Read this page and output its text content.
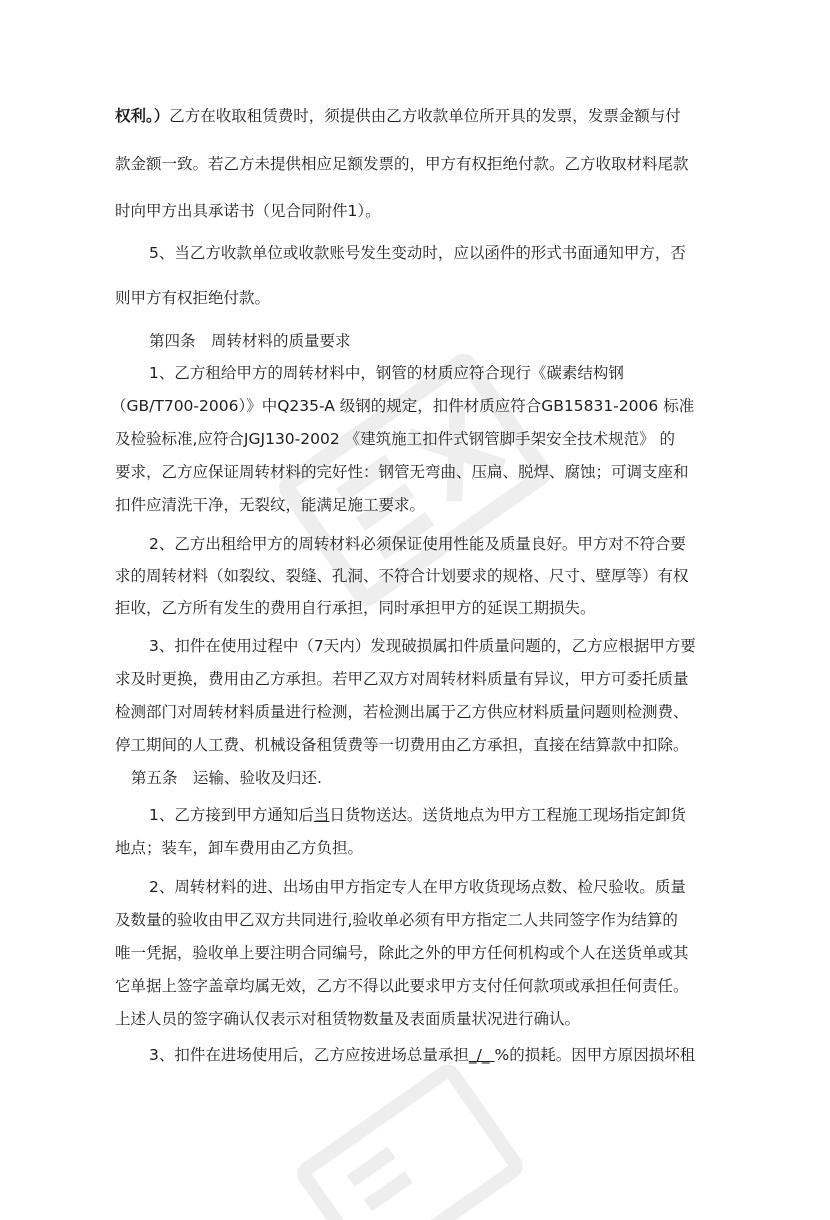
权利。）乙方在收取租赁费时，须提供由乙方收款单位所开具的发票，发票金额与付
款金额一致。若乙方未提供相应足额发票的，甲方有权拒绝付款。乙方收取材料尾款
时向甲方出具承诺书（见合同附件1）。
5、当乙方收款单位或收款账号发生变动时，应以函件的形式书面通知甲方，否
则甲方有权拒绝付款。
第四条　周转材料的质量要求
1、乙方租给甲方的周转材料中，钢管的材质应符合现行《碳素结构钢
（GB/T700-2006）》中Q235-A 级钢的规定，扣件材质应符合GB15831-2006 标准
及检验标准,应符合JGJ130-2002 《建筑施工扣件式钢管脚手架安全技术规范》 的
要求，乙方应保证周转材料的完好性：钢管无弯曲、压扁、脱焊、腐蚀；可调支座和
扣件应清洗干净，无裂纹，能满足施工要求。
2、乙方出租给甲方的周转材料必须保证使用性能及质量良好。甲方对不符合要
求的周转材料（如裂纹、裂缝、孔洞、不符合计划要求的规格、尺寸、壁厚等）有权
拒收，乙方所有发生的费用自行承担，同时承担甲方的延误工期损失。
3、扣件在使用过程中（7天内）发现破损属扣件质量问题的，乙方应根据甲方要
求及时更换，费用由乙方承担。若甲乙双方对周转材料质量有异议，甲方可委托质量
检测部门对周转材料质量进行检测，若检测出属于乙方供应材料质量问题则检测费、
停工期间的人工费、机械设备租赁费等一切费用由乙方承担，直接在结算款中扣除。
第五条　运输、验收及归还.
1、乙方接到甲方通知后当日货物送达。送货地点为甲方工程施工现场指定卸货
地点；装车，卸车费用由乙方负担。
2、周转材料的进、出场由甲方指定专人在甲方收货现场点数、检尺验收。质量
及数量的验收由甲乙双方共同进行,验收单必须有甲方指定二人共同签字作为结算的
唯一凭据，验收单上要注明合同编号，除此之外的甲方任何机构或个人在送货单或其
它单据上签字盖章均属无效，乙方不得以此要求甲方支付任何款项或承担任何责任。
上述人员的签字确认仅表示对租赁物数量及表面质量状况进行确认。
3、扣件在进场使用后，乙方应按进场总量承担_/_ %的损耗。因甲方原因损坏租
